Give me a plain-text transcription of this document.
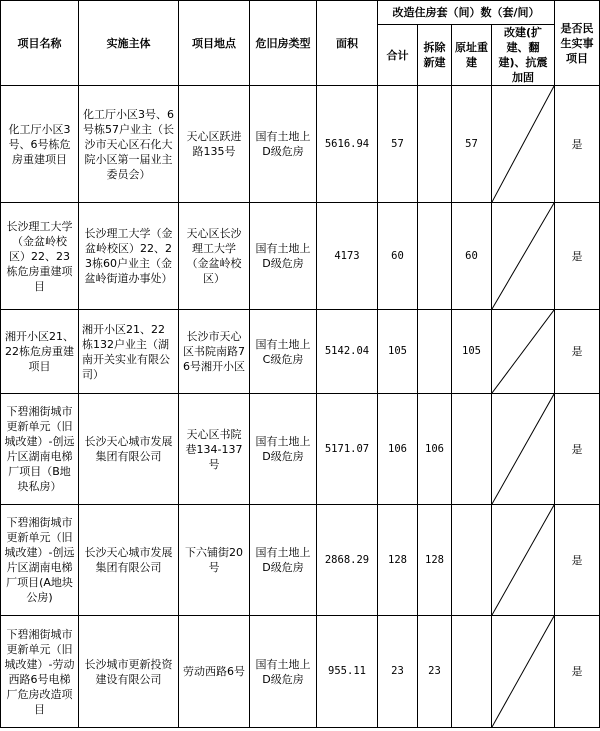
项目名称	实施主体	项目地点	危旧房类型	面积	改造住房套（间）数（套/间）				是否民生实事项目
					合计	拆除新建	原址重建	改建(扩建、翻建)、抗震加固	
化工厅小区3号、6号栋危房重建项目	化工厅小区3号、6号栋57户业主（长沙市天心区石化大院小区第一届业主委员会）	天心区跃进路135号	国有土地上D级危房	5616.94	57		57		是
长沙理工大学（金盆岭校区）22、23栋危房重建项目	长沙理工大学（金盆岭校区）22、23栋60户业主（金盆岭街道办事处）	天心区长沙理工大学（金盆岭校区）	国有土地上D级危房	4173	60		60		是
湘开小区21、22栋危房重建项目	湘开小区21、22栋132户业主（湖南开关实业有限公司）	长沙市天心区书院南路76号湘开小区	国有土地上C级危房	5142.04	105		105		是
下碧湘街城市更新单元（旧城改建）-创远片区湖南电梯厂项目（B地块私房）	长沙天心城市发展集团有限公司	天心区书院巷134-137号	国有土地上D级危房	5171.07	106	106			是
下碧湘街城市更新单元（旧城改建）-创远片区湖南电梯厂项目(A地块公房)	长沙天心城市发展集团有限公司	下六铺街20号	国有土地上D级危房	2868.29	128	128			是
下碧湘街城市更新单元（旧城改建）-劳动西路6号电梯厂危房改造项目	长沙城市更新投资建设有限公司	劳动西路6号	国有土地上D级危房	955.11	23	23			是
